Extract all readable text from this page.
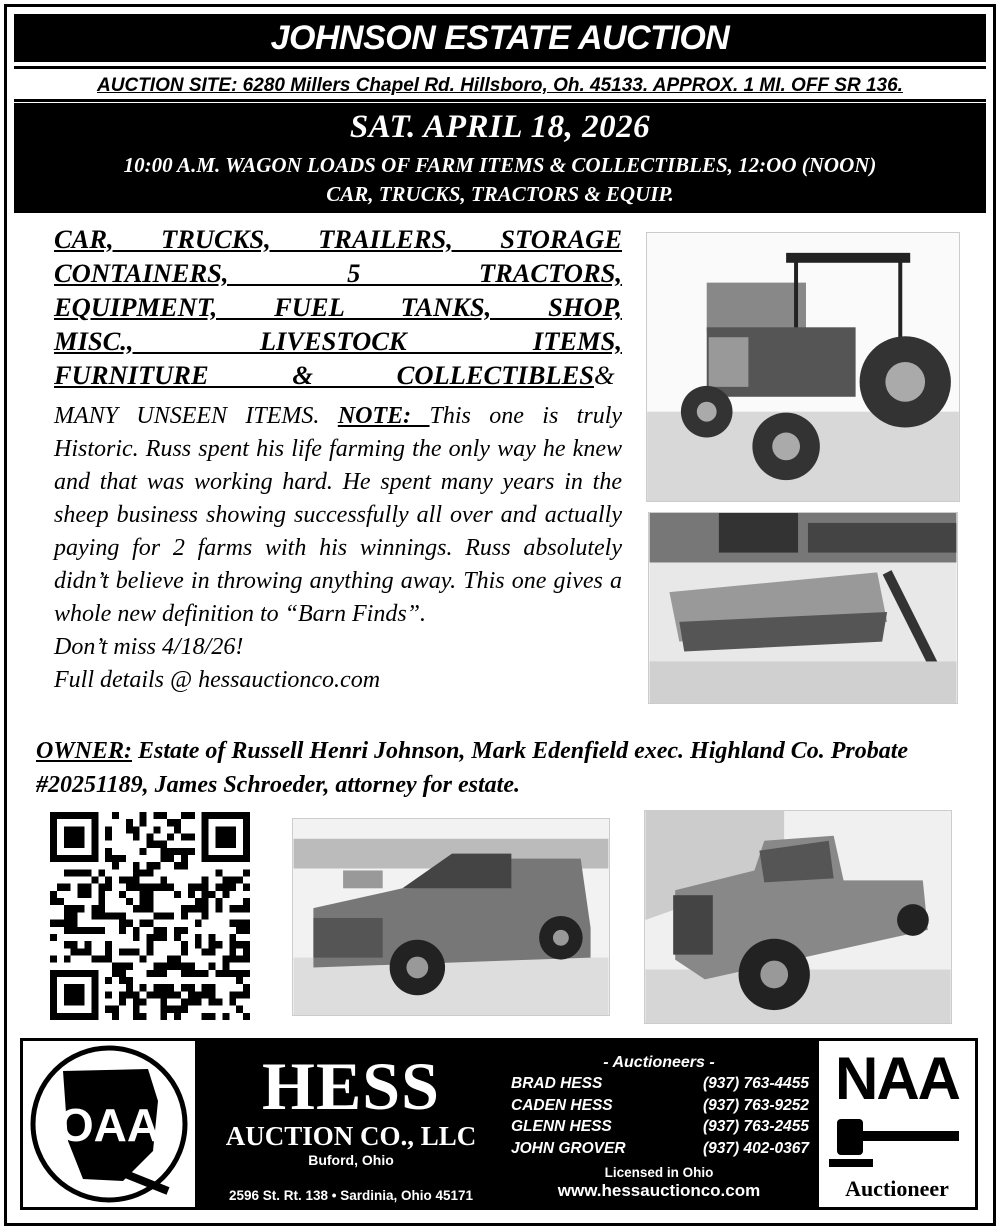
JOHNSON ESTATE AUCTION
AUCTION SITE: 6280 Millers Chapel Rd. Hillsboro, Oh. 45133. APPROX. 1 MI. OFF SR 136.
SAT. APRIL 18, 2026
10:00 A.M. WAGON LOADS OF FARM ITEMS & COLLECTIBLES, 12:OO (NOON)
CAR, TRUCKS, TRACTORS & EQUIP.
CAR, TRUCKS, TRAILERS, STORAGE
CONTAINERS, 5 TRACTORS,
EQUIPMENT, FUEL TANKS, SHOP,
MISC., LIVESTOCK ITEMS,
FURNITURE & COLLECTIBLES &
MANY UNSEEN ITEMS. NOTE: This one is truly Historic. Russ spent his life farming the only way he knew and that was working hard. He spent many years in the sheep business showing successfully all over and actually paying for 2 farms with his winnings. Russ absolutely didn’t believe in throwing anything away. This one gives a whole new definition to “Barn Finds”.
Don’t miss 4/18/26!
Full details @ hessauctionco.com
OWNER: Estate of Russell Henri Johnson, Mark Edenfield exec. Highland Co. Probate #20251189, James Schroeder, attorney for estate.
OAA
HESS
AUCTION CO., LLC
Buford, Ohio
2596 St. Rt. 138 • Sardinia, Ohio 45171
- Auctioneers -
BRAD HESS	(937) 763-4455
CADEN HESS	(937) 763-9252
GLENN HESS	(937) 763-2455
JOHN GROVER	(937) 402-0367
Licensed in Ohio
www.hessauctionco.com
NAA
Auctioneer
